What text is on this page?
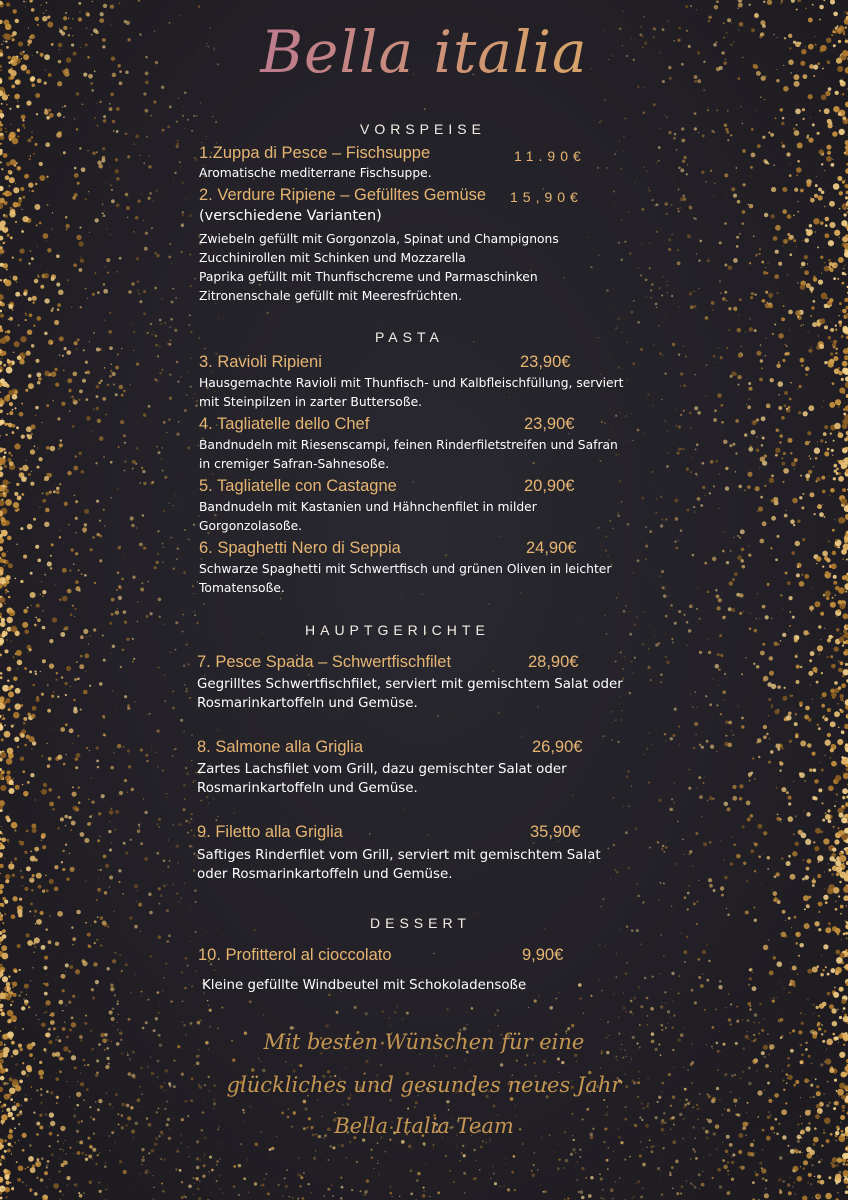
Bella italia
VORSPEISE
1.Zuppa di Pesce – Fischsuppe	11.90€
Aromatische mediterrane Fischsuppe.
2. Verdure Ripiene – Gefülltes Gemüse 15,90€
(verschiedene Varianten)
Zwiebeln gefüllt mit Gorgonzola, Spinat und Champignons
Zucchinirollen mit Schinken und Mozzarella
Paprika gefüllt mit Thunfischcreme und Parmaschinken
Zitronenschale gefüllt mit Meeresfrüchten.
PASTA
3. Ravioli Ripieni	23,90€
Hausgemachte Ravioli mit Thunfisch- und Kalbfleischfüllung, serviert
mit Steinpilzen in zarter Buttersoße.
4. Tagliatelle dello Chef	23,90€
Bandnudeln mit Riesenscampi, feinen Rinderfiletstreifen und Safran
in cremiger Safran-Sahnesoße.
5. Tagliatelle con Castagne	20,90€
Bandnudeln mit Kastanien und Hähnchenfilet in milder
Gorgonzolasoße.
6. Spaghetti Nero di Seppia	24,90€
Schwarze Spaghetti mit Schwertfisch und grünen Oliven in leichter
Tomatensoße.
HAUPTGERICHTE
7. Pesce Spada – Schwertfischfilet	28,90€
Gegrilltes Schwertfischfilet, serviert mit gemischtem Salat oder
Rosmarinkartoffeln und Gemüse.
8. Salmone alla Griglia	26,90€
Zartes Lachsfilet vom Grill, dazu gemischter Salat oder
Rosmarinkartoffeln und Gemüse.
9. Filetto alla Griglia	35,90€
Saftiges Rinderfilet vom Grill, serviert mit gemischtem Salat
oder Rosmarinkartoffeln und Gemüse.
DESSERT
10. Profitterol al cioccolato	9,90€
Kleine gefüllte Windbeutel mit Schokoladensoße
Mit besten Wünschen für eine
glückliches und gesundes neues Jahr
Bella Italia Team
